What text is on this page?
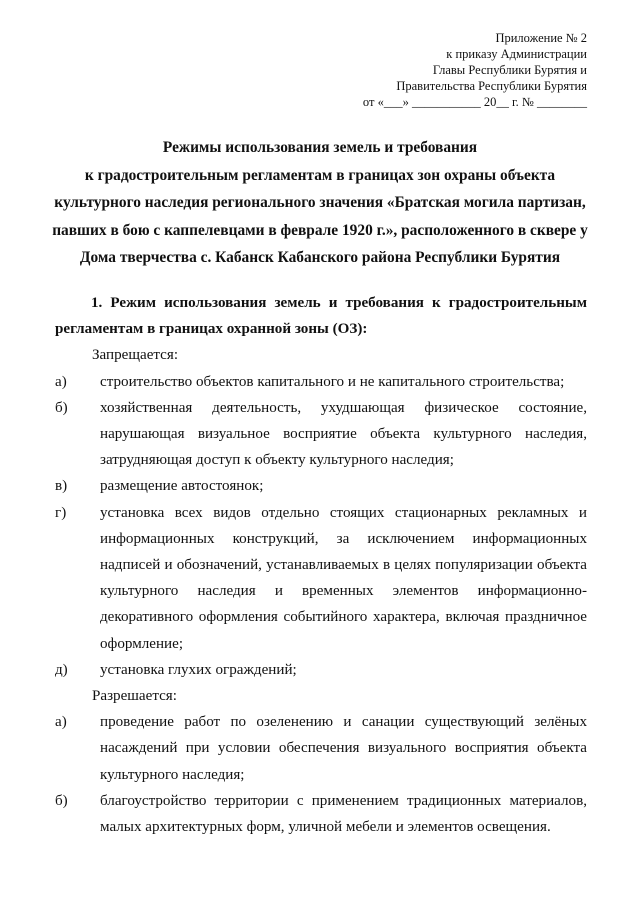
Приложение № 2
к приказу Администрации
Главы Республики Бурятия и
Правительства Республики Бурятия
от «___» ___________ 20__ г. № ________
Режимы использования земель и требования
к градостроительным регламентам в границах зон охраны объекта
культурного наследия регионального значения «Братская могила партизан,
павших в бою с каппелевцами в феврале 1920 г.», расположенного в сквере у
Дома тверчества с. Кабанск Кабанского района Республики Бурятия

1. Режим использования земель и требования к градостроительным регламентам в границах охранной зоны (ОЗ):

Запрещается:

а)	строительство объектов капитального и не капитального строительства;
б)	хозяйственная деятельность, ухудшающая физическое состояние, нарушающая визуальное восприятие объекта культурного наследия, затрудняющая доступ к объекту культурного наследия;
в)	размещение автостоянок;
г)	установка всех видов отдельно стоящих стационарных рекламных и информационных конструкций, за исключением информационных надписей и обозначений, устанавливаемых в целях популяризации объекта культурного наследия и временных элементов информационно-декоративного оформления событийного характера, включая праздничное оформление;
д)	установка глухих ограждений;

Разрешается:

а)	проведение работ по озеленению и санации существующий зелёных насаждений при условии обеспечения визуального восприятия объекта культурного наследия;
б)	благоустройство территории с применением традиционных материалов, малых архитектурных форм, уличной мебели и элементов освещения.
